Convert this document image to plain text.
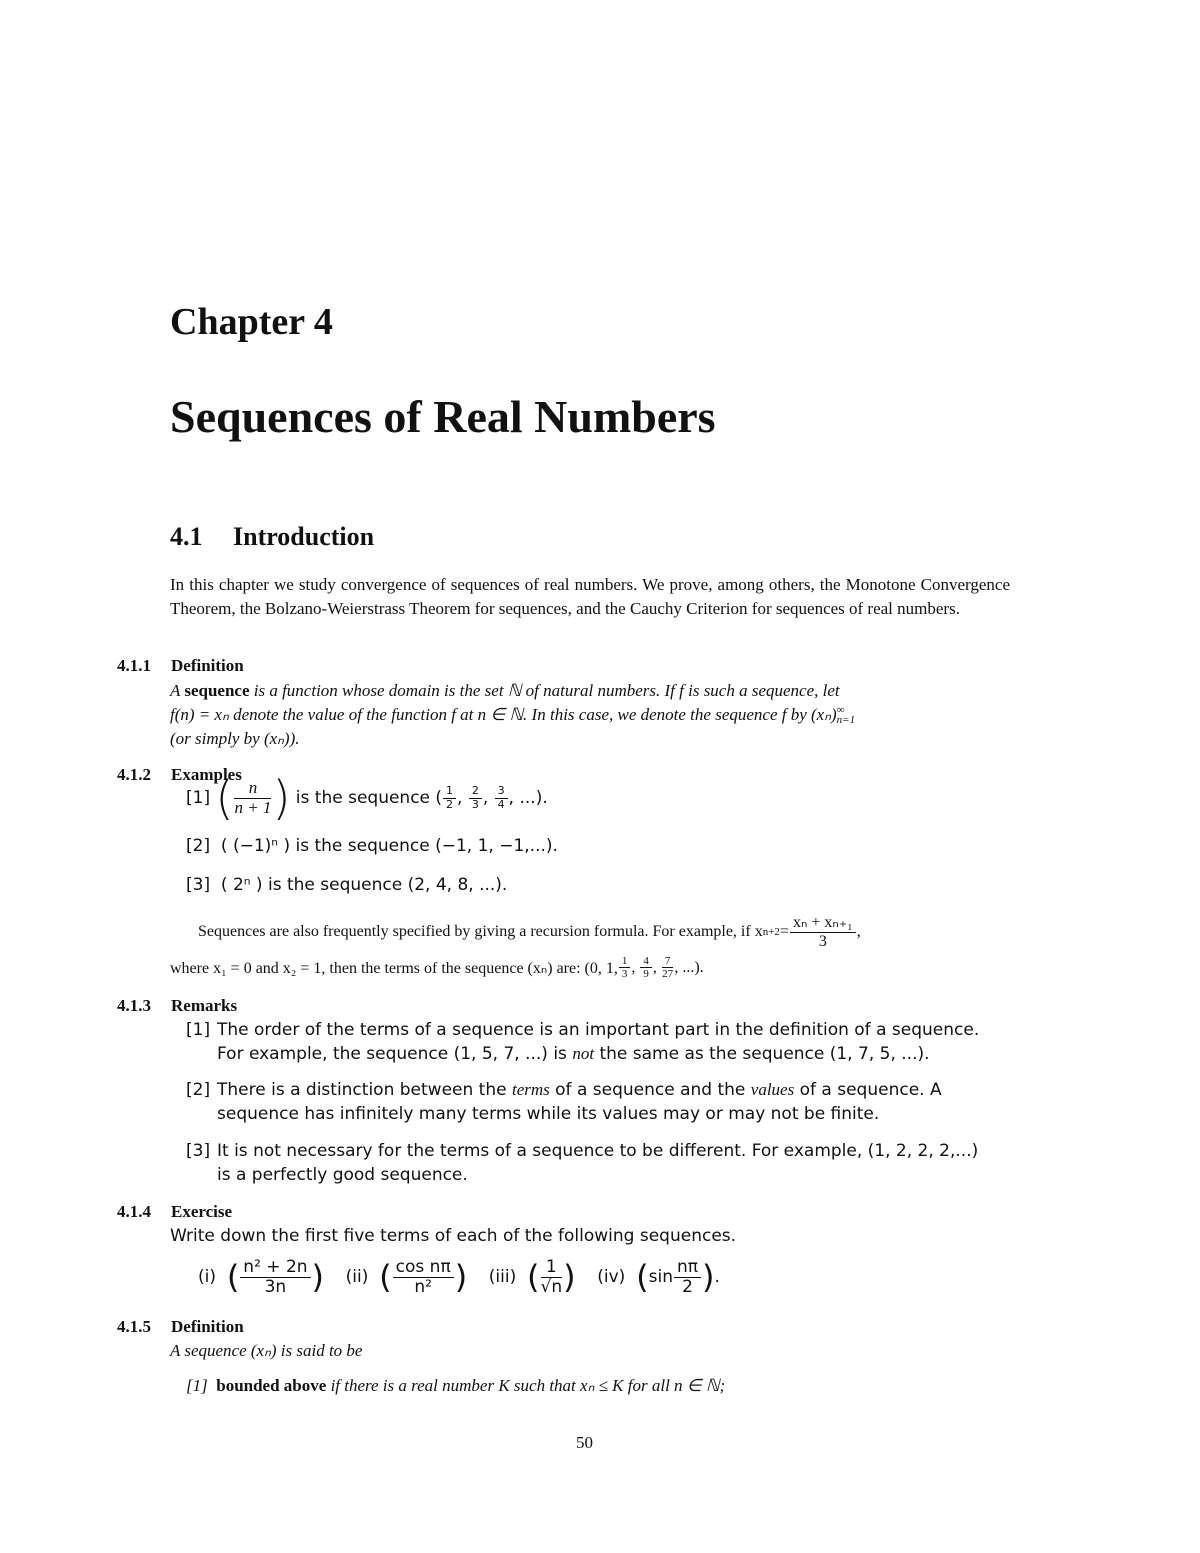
Chapter 4
Sequences of Real Numbers
4.1 Introduction
In this chapter we study convergence of sequences of real numbers. We prove, among others, the Monotone Convergence Theorem, the Bolzano-Weierstrass Theorem for sequences, and the Cauchy Criterion for sequences of real numbers.
4.1.1 Definition
A sequence is a function whose domain is the set ℕ of natural numbers. If f is such a sequence, let
f(n) = xₙ denote the value of the function f at n ∈ ℕ. In this case, we denote the sequence f by (xₙ) ∞
n=1
(or simply by (xₙ)).
4.1.2 Examples
[1]
( $\frac{n}{n + 1}$ )
is the sequence ( $\frac{1}{2}$ , $\frac{2}{3}$ , $\frac{3}{4}$ , ...).
[2] ( (−1)ⁿ ) is the sequence (−1, 1, −1,...).
[3] ( 2ⁿ ) is the sequence (2, 4, 8, ...).
Sequences are also frequently specified by giving a recursion formula. For example, if x $n+2 = \frac{\text{xₙ + xₙ₊₁}}{3}$ ,
where x₁ = 0 and x₂ = 1, then the terms of the sequence (xₙ) are: (0, 1, $\frac{1}{3}$ , $\frac{4}{9}$ , $\frac{7}{27}$ , ...).
4.1.3 Remarks
[1] The order of the terms of a sequence is an important part in the definition of a sequence.
For example, the sequence (1, 5, 7, ...) is not the same as the sequence (1, 7, 5, ...).
[2] There is a distinction between the terms of a sequence and the values of a sequence. A
sequence has infinitely many terms while its values may or may not be finite.
[3] It is not necessary for the terms of a sequence to be different. For example, (1, 2, 2, 2,...)
is a perfectly good sequence.
4.1.4 Exercise
Write down the first five terms of each of the following sequences.
(i)
( $\frac{\text{n² + 2n}}{3n}$ )
(ii)
( $\frac{\text{cos nπ}}{\text{n²}}$ )
(iii)
( $\frac{1}{√n}$ )
(iv)
( $\sin \frac{n\pi}{2}$ ) .
4.1.5 Definition
A sequence (xₙ) is said to be
[1] bounded above if there is a real number K such that xₙ ≤ K for all n ∈ ℕ;
50
